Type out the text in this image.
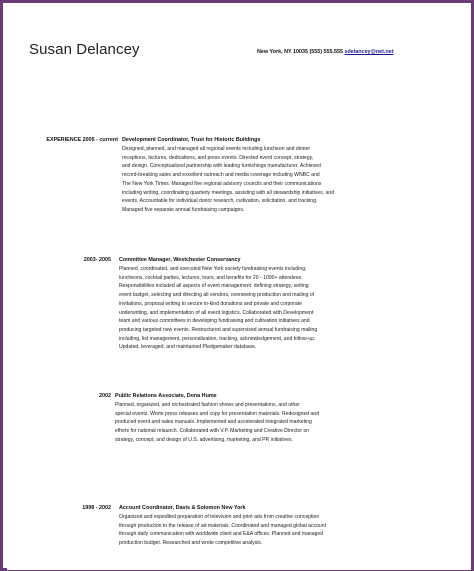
Susan Delancey	New York, NY 10035 (555) 555.555 sdelancey@net.net
EXPERIENCE 2005 - current Development Coordinator, Trust for Historic Buildings
Designed, planned, and managed all regional events including luncheon and dinner
receptions, lectures, dedications, and press events. Directed event concept, strategy,
and design. Conceptualized partnership with leading furnishings manufacturer. Achieved
record-breaking sales and excellent outreach and media coverage including WNBC and
The New York Times. Managed five regional advisory councils and their communications
including writing, coordinating quarterly meetings, assisting with all stewardship initiatives, and
events. Accountable for individual donor research, cultivation, solicitation, and tracking.
Managed five separate annual fundraising campaigns.
2003- 2005 Committee Manager, Westchester Conservancy
Planned, coordinated, and executed New York society fundraising events including,
luncheons, cocktail parties, lectures, tours, and benefits for 20 - 1000+ attendees.
Responsibilities included all aspects of event management: defining strategy, setting
event budget, selecting and directing all vendors, overseeing production and mailing of
invitations, proposal writing to secure in-kind donations and private and corporate
underwriting, and implementation of all event logistics. Collaborated with Development
team and various committees in developing fundraising and cultivation initiatives and
producing targeted new events. Restructured and supervised annual fundraising mailing
including, list management, personalization, tracking, acknowledgement, and follow-up.
Updated, leveraged, and maintained Pledgemaker database.
2002 Public Relations Associate, Dona Hume
Planned, organized, and orchestrated fashion shows and presentations, and other
special events. Wrote press releases and copy for presentation materials. Redesigned and
produced event and sales manuals. Implemented and accelerated integrated marketing
efforts for national relaunch. Collaborated with V.P. Marketing and Creative Director on
strategy, concept, and design of U.S. advertising, marketing, and PR initiatives.
1998 - 2002 Account Coordinator, Davis & Solomon New York
Organized and expedited preparation of television and print ads from creative conception
through production to the release of ad materials. Coordinated and managed global account
through daily communication with worldwide client and E&A offices. Planned and managed
production budget. Researched and wrote competitive analysis.
